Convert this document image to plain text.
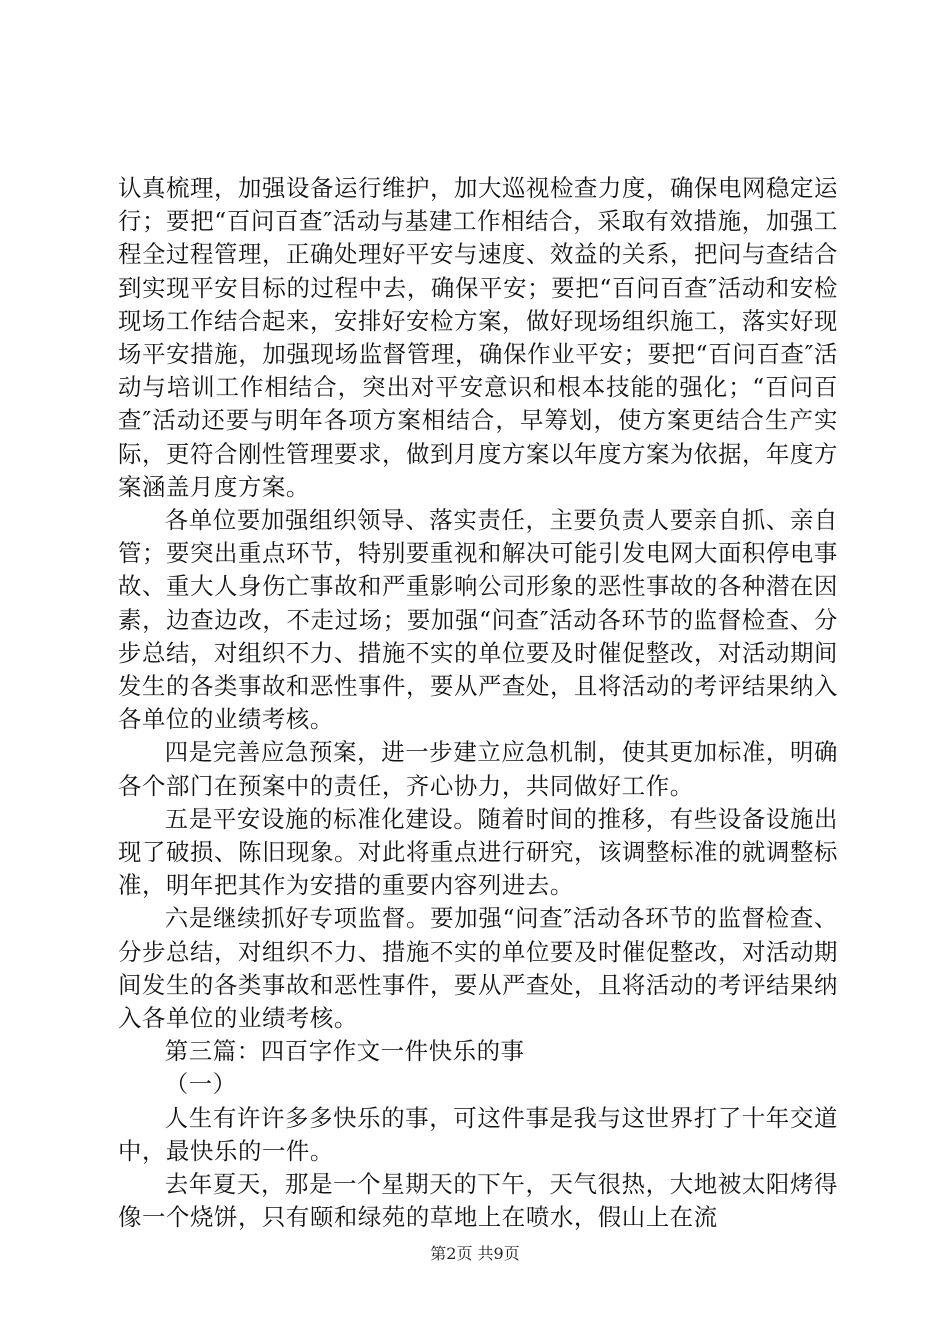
认真梳理，加强设备运行维护，加大巡视检查力度，确保电网稳定运行；要把“百问百查″活动与基建工作相结合，采取有效措施，加强工程全过程管理，正确处理好平安与速度、效益的关系，把问与查结合到实现平安目标的过程中去，确保平安；要把“百问百查″活动和安检现场工作结合起来，安排好安检方案，做好现场组织施工，落实好现场平安措施，加强现场监督管理，确保作业平安；要把“百问百查″活动与培训工作相结合，突出对平安意识和根本技能的强化；“百问百查″活动还要与明年各项方案相结合，早筹划，使方案更结合生产实际，更符合刚性管理要求，做到月度方案以年度方案为依据，年度方案涵盖月度方案。

各单位要加强组织领导、落实责任，主要负责人要亲自抓、亲自管；要突出重点环节，特别要重视和解决可能引发电网大面积停电事故、重大人身伤亡事故和严重影响公司形象的恶性事故的各种潜在因素，边查边改，不走过场；要加强“问查″活动各环节的监督检查、分步总结，对组织不力、措施不实的单位要及时催促整改，对活动期间发生的各类事故和恶性事件，要从严查处，且将活动的考评结果纳入各单位的业绩考核。

四是完善应急预案，进一步建立应急机制，使其更加标准，明确各个部门在预案中的责任，齐心协力，共同做好工作。

五是平安设施的标准化建设。随着时间的推移，有些设备设施出现了破损、陈旧现象。对此将重点进行研究，该调整标准的就调整标准，明年把其作为安措的重要内容列进去。

六是继续抓好专项监督。要加强“问查″活动各环节的监督检查、分步总结，对组织不力、措施不实的单位要及时催促整改，对活动期间发生的各类事故和恶性事件，要从严查处，且将活动的考评结果纳入各单位的业绩考核。

第三篇：四百字作文一件快乐的事

（一）

人生有许许多多快乐的事，可这件事是我与这世界打了十年交道中，最快乐的一件。

去年夏天，那是一个星期天的下午，天气很热，大地被太阳烤得像一个烧饼，只有颐和绿苑的草地上在喷水，假山上在流

第2页 共9页
